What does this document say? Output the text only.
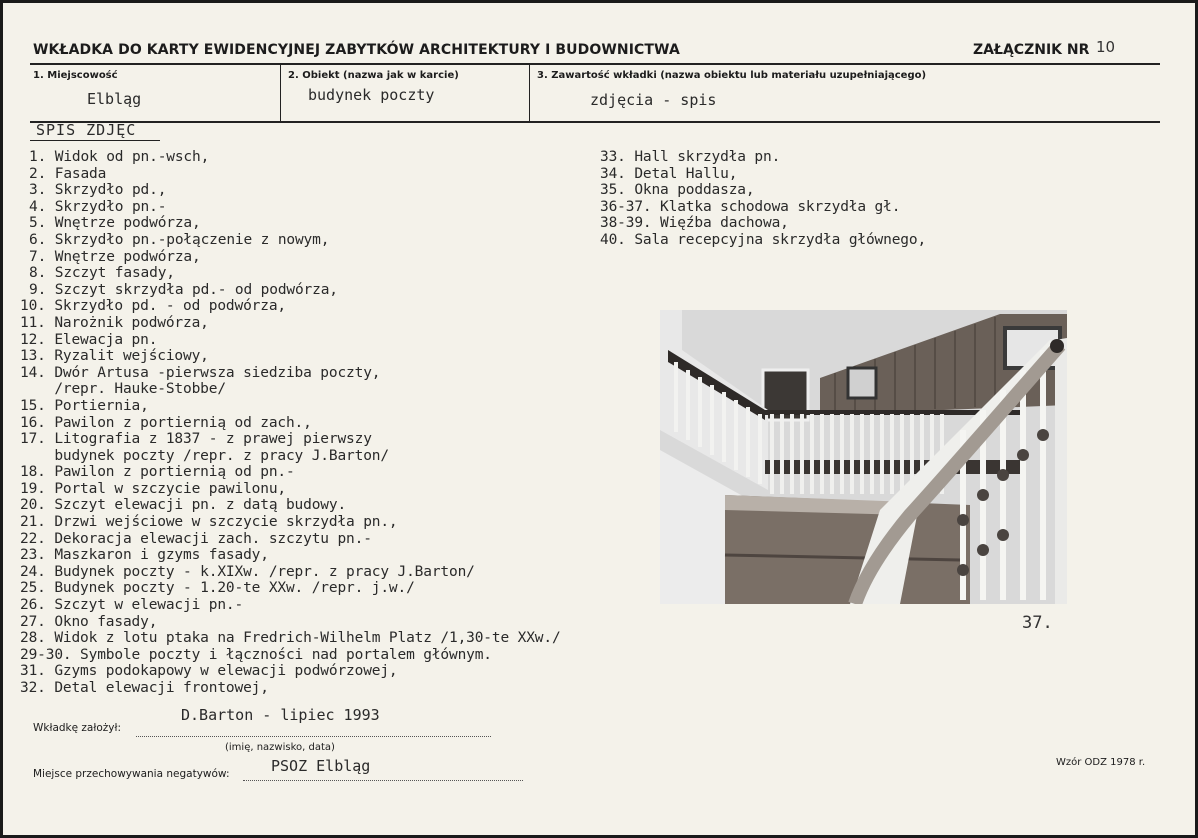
WKŁADKA DO KARTY EWIDENCYJNEJ ZABYTKÓW ARCHITEKTURY I BUDOWNICTWA	ZAŁĄCZNIK NR 10
1. Miejscowość
Elbląg
2. Obiekt (nazwa jak w karcie)
budynek poczty
3. Zawartość wkładki (nazwa obiektu lub materiału uzupełniającego)
zdjęcia - spis
SPIS ZDJĘC
1. Widok od pn.-wsch,
2. Fasada
3. Skrzydło pd.,
4. Skrzydło pn.-
5. Wnętrze podwórza,
6. Skrzydło pn.-połączenie z nowym,
7. Wnętrze podwórza,
8. Szczyt fasady,
9. Szczyt skrzydła pd.- od podwórza,
10. Skrzydło pd. - od podwórza,
11. Narożnik podwórza,
12. Elewacja pn.
13. Ryzalit wejściowy,
14. Dwór Artusa -pierwsza siedziba poczty,
/repr. Hauke-Stobbe/
15. Portiernia,
16. Pawilon z portiernią od zach.,
17. Litografia z 1837 - z prawej pierwszy
budynek poczty /repr. z pracy J.Barton/
18. Pawilon z portiernią od pn.-
19. Portal w szczycie pawilonu,
20. Szczyt elewacji pn. z datą budowy.
21. Drzwi wejściowe w szczycie skrzydła pn.,
22. Dekoracja elewacji zach. szczytu pn.-
23. Maszkaron i gzyms fasady,
24. Budynek poczty - k.XIXw. /repr. z pracy J.Barton/
25. Budynek poczty - 1.20-te XXw. /repr. j.w./
26. Szczyt w elewacji pn.-
27. Okno fasady,
28. Widok z lotu ptaka na Fredrich-Wilhelm Platz /1,30-te XXw./
29-30. Symbole poczty i łączności nad portalem głównym.
31. Gzyms podokapowy w elewacji podwórzowej,
32. Detal elewacji frontowej,
33. Hall skrzydła pn.
34. Detal Hallu,
35. Okna poddasza,
36-37. Klatka schodowa skrzydła gł.
38-39. Więźba dachowa,
40. Sala recepcyjna skrzydła głównego,
37.
Wkładkę założył:
D.Barton - lipiec 1993
(imię, nazwisko, data)
Miejsce przechowywania negatywów:	PSOZ Elbląg	Wzór ODZ 1978 r.
